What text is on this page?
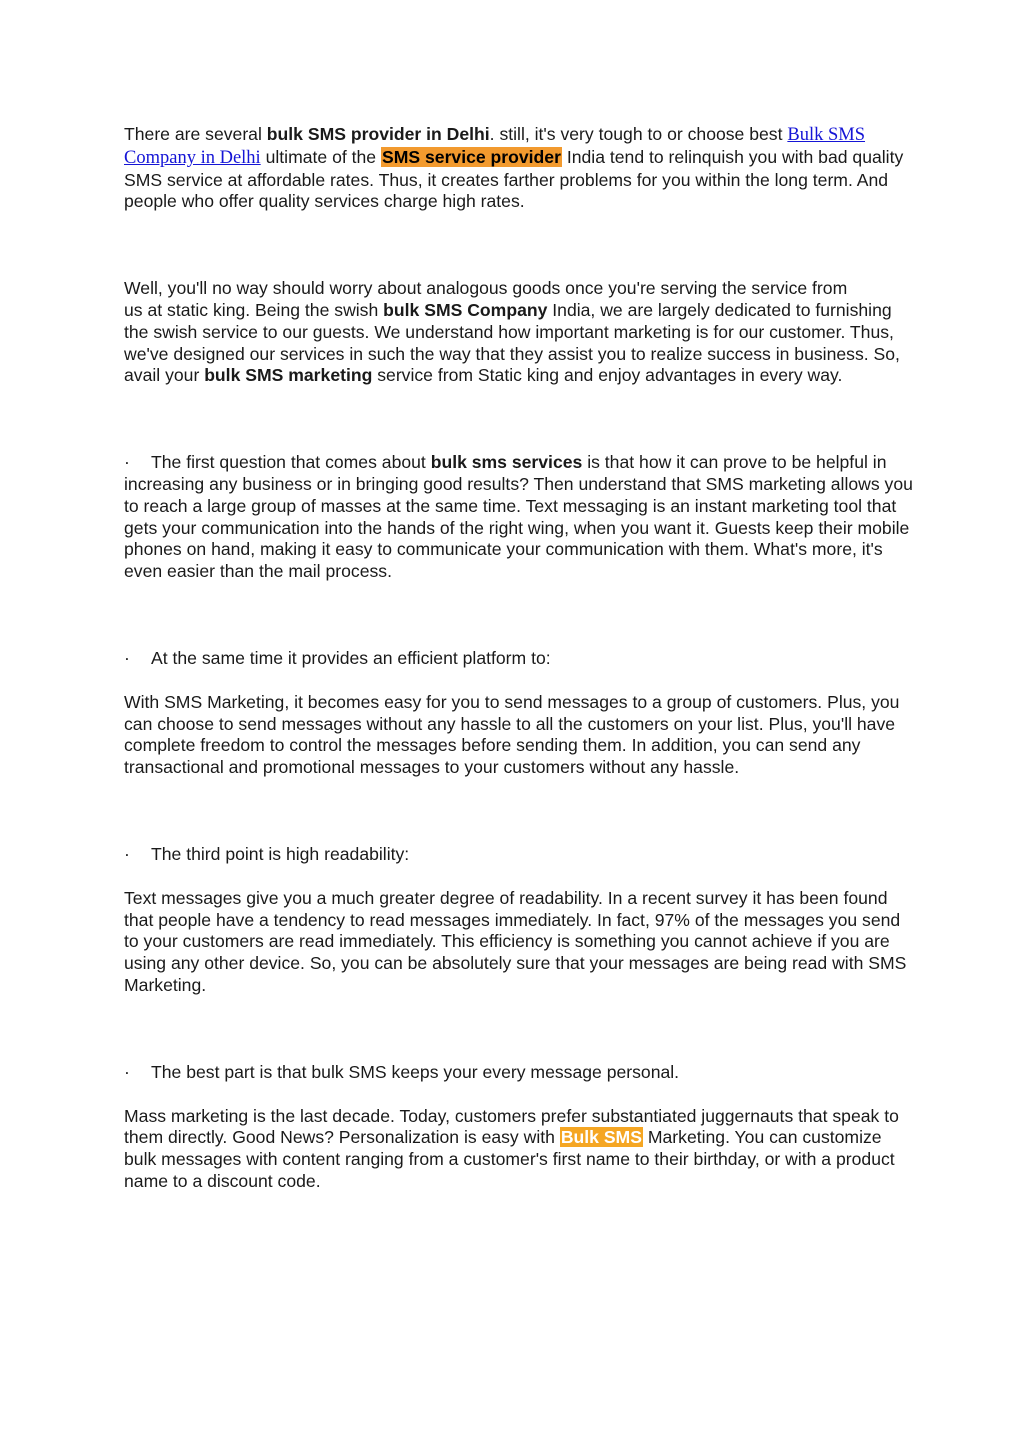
There are several bulk SMS provider in Delhi. still, it's very tough to or choose best Bulk SMS Company in Delhi ultimate of the SMS service provider India tend to relinquish you with bad quality SMS service at affordable rates. Thus, it creates farther problems for you within the long term. And people who offer quality services charge high rates.

Well, you'll no way should worry about analogous goods once you're serving the service from
us at static king. Being the swish bulk SMS Company India, we are largely dedicated to furnishing the swish service to our guests. We understand how important marketing is for our customer. Thus, we've designed our services in such the way that they assist you to realize success in business. So, avail your bulk SMS marketing service from Static king and enjoy advantages in every way.

· The first question that comes about bulk sms services is that how it can prove to be helpful in increasing any business or in bringing good results? Then understand that SMS marketing allows you to reach a large group of masses at the same time. Text messaging is an instant marketing tool that gets your communication into the hands of the right wing, when you want it. Guests keep their mobile phones on hand, making it easy to communicate your communication with them. What's more, it's even easier than the mail process.

· At the same time it provides an efficient platform to:

With SMS Marketing, it becomes easy for you to send messages to a group of customers. Plus, you can choose to send messages without any hassle to all the customers on your list. Plus, you'll have complete freedom to control the messages before sending them. In addition, you can send any transactional and promotional messages to your customers without any hassle.

· The third point is high readability:

Text messages give you a much greater degree of readability. In a recent survey it has been found that people have a tendency to read messages immediately. In fact, 97% of the messages you send to your customers are read immediately. This efficiency is something you cannot achieve if you are using any other device. So, you can be absolutely sure that your messages are being read with SMS Marketing.

· The best part is that bulk SMS keeps your every message personal.

Mass marketing is the last decade. Today, customers prefer substantiated juggernauts that speak to them directly. Good News? Personalization is easy with Bulk SMS Marketing. You can customize bulk messages with content ranging from a customer's first name to their birthday, or with a product name to a discount code.
